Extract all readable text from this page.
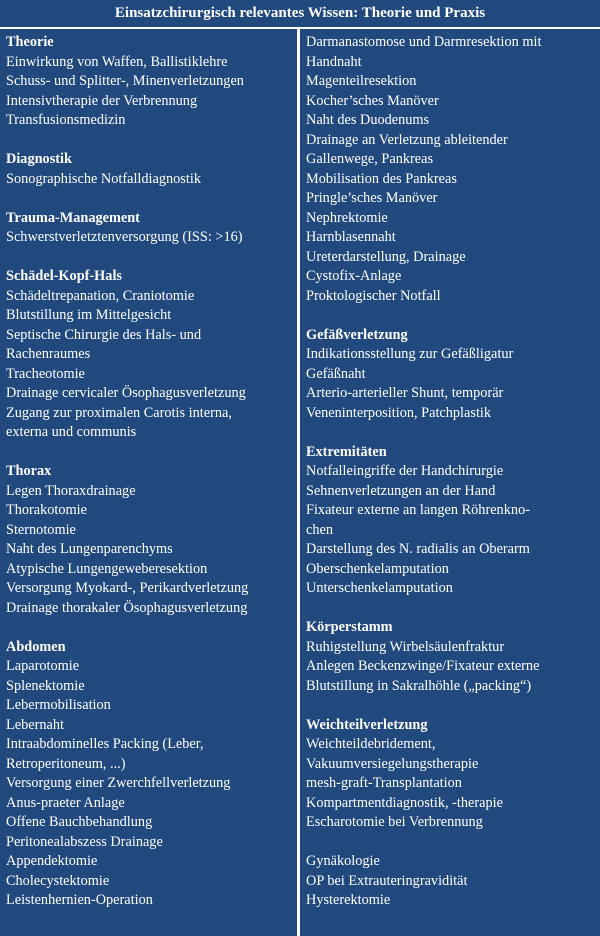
Einsatzchirurgisch relevantes Wissen: Theorie und Praxis
Theorie
Einwirkung von Waffen, Ballistiklehre
Schuss- und Splitter-, Minenverletzungen
Intensivtherapie der Verbrennung
Transfusionsmedizin
Diagnostik
Sonographische Notfalldiagnostik
Trauma-Management
Schwerstverletztenversorgung (ISS: >16)
Schädel-Kopf-Hals
Schädeltrepanation, Craniotomie
Blutstillung im Mittelgesicht
Septische Chirurgie des Hals- und
Rachenraumes
Tracheotomie
Drainage cervicaler Ösophagusverletzung
Zugang zur proximalen Carotis interna,
externa und communis
Thorax
Legen Thoraxdrainage
Thorakotomie
Sternotomie
Naht des Lungenparenchyms
Atypische Lungengeweberesektion
Versorgung Myokard-, Perikardverletzung
Drainage thorakaler Ösophagusverletzung
Abdomen
Laparotomie
Splenektomie
Lebermobilisation
Lebernaht
Intraabdominelles Packing (Leber,
Retroperitoneum, ...)
Versorgung einer Zwerchfellverletzung
Anus-praeter Anlage
Offene Bauchbehandlung
Peritonealabszess Drainage
Appendektomie
Cholecystektomie
Leistenhernien-Operation
Darmanastomose und Darmresektion mit
Handnaht
Magenteilresektion
Kocher’sches Manöver
Naht des Duodenums
Drainage an Verletzung ableitender
Gallenwege, Pankreas
Mobilisation des Pankreas
Pringle’sches Manöver
Nephrektomie
Harnblasennaht
Ureterdarstellung, Drainage
Cystofix-Anlage
Proktologischer Notfall
Gefäßverletzung
Indikationsstellung zur Gefäßligatur
Gefäßnaht
Arterio-arterieller Shunt, temporär
Veneninterposition, Patchplastik
Extremitäten
Notfalleingriffe der Handchirurgie
Sehnenverletzungen an der Hand
Fixateur externe an langen Röhrenkno-
chen
Darstellung des N. radialis an Oberarm
Oberschenkelamputation
Unterschenkelamputation
Körperstamm
Ruhigstellung Wirbelsäulenfraktur
Anlegen Beckenzwinge/Fixateur externe
Blutstillung in Sakralhöhle („packing“)
Weichteilverletzung
Weichteildebridement,
Vakuumversiegelungstherapie
mesh-graft-Transplantation
Kompartmentdiagnostik, -therapie
Escharotomie bei Verbrennung
Gynäkologie
OP bei Extrauteringravidität
Hysterektomie
